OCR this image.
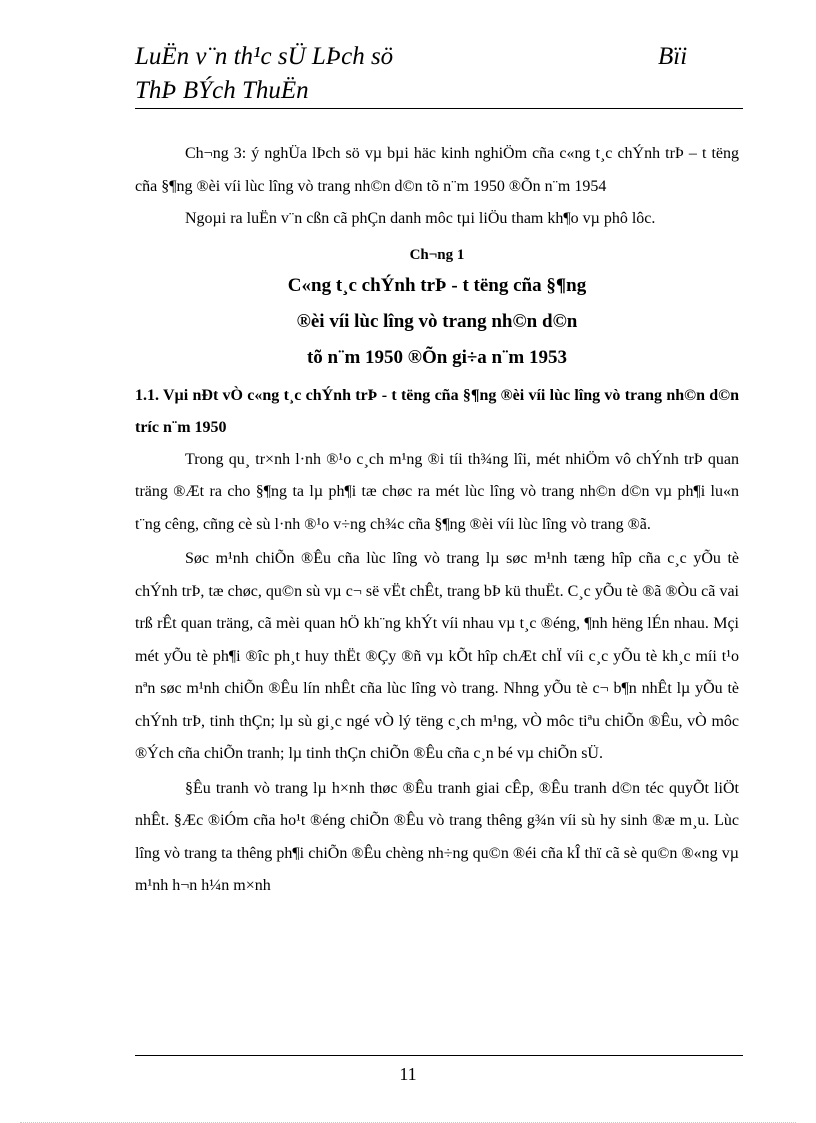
LuËn v¨n th¹c sÜ LÞch sö
ThÞ BÝch ThuËn
Bïi

Ch¬ng 3: ý nghÜa lÞch sö vµ bµi häc kinh nghiÖm cña c«ng t¸c chÝnh trÞ – t tëng cña §¶ng ®èi víi lùc lîng vò trang nh©n d©n tõ n¨m 1950 ®Õn n¨m 1954

Ngoµi ra luËn v¨n cßn cã phÇn danh môc tµi liÖu tham kh¶o vµ phô lôc.

Ch¬ng 1
C«ng t¸c chÝnh trÞ - t tëng cña §¶ng
®èi víi lùc lîng vò trang nh©n d©n
tõ n¨m 1950 ®Õn gi÷a n¨m 1953
1.1. Vµi nÐt vÒ c«ng t¸c chÝnh trÞ - t tëng cña §¶ng ®èi víi lùc lîng vò trang nh©n d©n tríc n¨m 1950

Trong qu¸ tr×nh l·nh ®¹o c¸ch m¹ng ®i tíi th¾ng lîi, mét nhiÖm vô chÝnh trÞ quan träng ®Æt ra cho §¶ng ta lµ ph¶i tæ chøc ra mét lùc lîng vò trang nh©n d©n vµ ph¶i lu«n t¨ng cêng, cñng cè sù l·nh ®¹o v÷ng ch¾c cña §¶ng ®èi víi lùc lîng vò trang ®ã.

Søc m¹nh chiÕn ®Êu cña lùc lîng vò trang lµ søc m¹nh tæng hîp cña c¸c yÕu tè chÝnh trÞ, tæ chøc, qu©n sù vµ c¬ së vËt chÊt, trang bÞ kü thuËt. C¸c yÕu tè ®ã ®Òu cã vai trß rÊt quan träng, cã mèi quan hÖ kh¨ng khÝt víi nhau vµ t¸c ®éng, ¶nh hëng lÉn nhau. Mçi mét yÕu tè ph¶i ®îc ph¸t huy thËt ®Çy ®ñ vµ kÕt hîp chÆt chÏ víi c¸c yÕu tè kh¸c míi t¹o nªn søc m¹nh chiÕn ®Êu lín nhÊt cña lùc lîng vò trang. Nhng yÕu tè c¬ b¶n nhÊt lµ yÕu tè chÝnh trÞ, tinh thÇn; lµ sù gi¸c ngé vÒ lý tëng c¸ch m¹ng, vÒ môc tiªu chiÕn ®Êu, vÒ môc ®Ých cña chiÕn tranh; lµ tinh thÇn chiÕn ®Êu cña c¸n bé vµ chiÕn sÜ.

§Êu tranh vò trang lµ h×nh thøc ®Êu tranh giai cÊp, ®Êu tranh d©n téc quyÕt liÖt nhÊt. §Æc ®iÓm cña ho¹t ®éng chiÕn ®Êu vò trang thêng g¾n víi sù hy sinh ®æ m¸u. Lùc lîng vò trang ta thêng ph¶i chiÕn ®Êu chèng nh÷ng qu©n ®éi cña kÎ thï cã sè qu©n ®«ng vµ m¹nh h¬n h¼n m×nh

11
